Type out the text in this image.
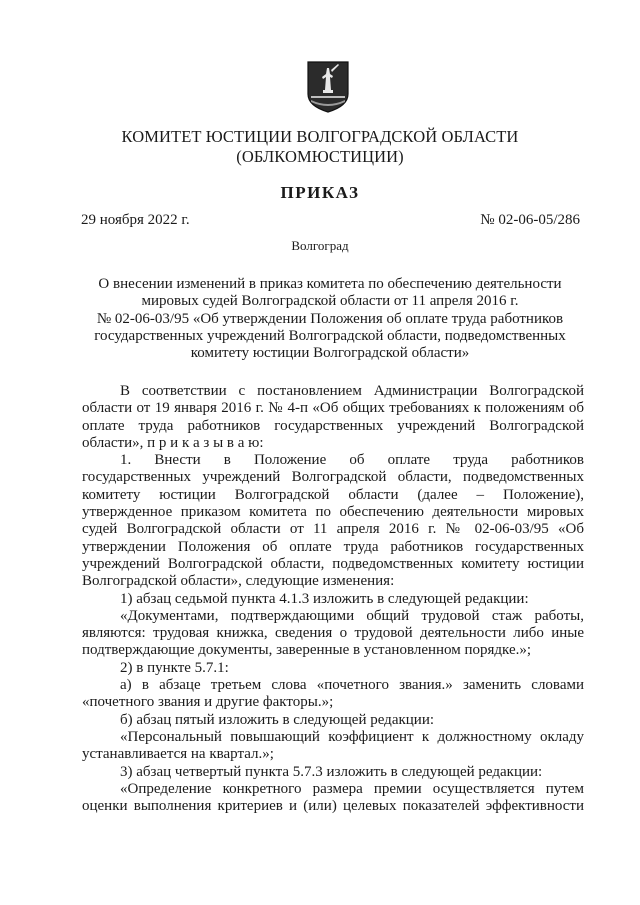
КОМИТЕТ ЮСТИЦИИ ВОЛГОГРАДСКОЙ ОБЛАСТИ
(ОБЛКОМЮСТИЦИИ)
ПРИКАЗ
29 ноября 2022 г.	№ 02-06-05/286
Волгоград
О внесении изменений в приказ комитета по обеспечению деятельности
мировых судей Волгоградской области от 11 апреля 2016 г.
№ 02-06-03/95 «Об утверждении Положения об оплате труда работников
государственных учреждений Волгоградской области, подведомственных
комитету юстиции Волгоградской области»
В соответствии с постановлением Администрации Волгоградской
области от 19 января 2016 г. № 4-п «Об общих требованиях к положениям об
оплате труда работников государственных учреждений Волгоградской
области», п р и к а з ы в а ю:
1. Внести в Положение об оплате труда работников
государственных учреждений Волгоградской области, подведомственных
комитету юстиции Волгоградской области (далее – Положение),
утвержденное приказом комитета по обеспечению деятельности мировых
судей Волгоградской области от 11 апреля 2016 г. № 02-06-03/95 «Об
утверждении Положения об оплате труда работников государственных
учреждений Волгоградской области, подведомственных комитету юстиции
Волгоградской области», следующие изменения:
1) абзац седьмой пункта 4.1.3 изложить в следующей редакции:
«Документами, подтверждающими общий трудовой стаж работы,
являются: трудовая книжка, сведения о трудовой деятельности либо иные
подтверждающие документы, заверенные в установленном порядке.»;
2) в пункте 5.7.1:
а) в абзаце третьем слова «почетного звания.» заменить словами
«почетного звания и другие факторы.»;
б) абзац пятый изложить в следующей редакции:
«Персональный повышающий коэффициент к должностному окладу
устанавливается на квартал.»;
3) абзац четвертый пункта 5.7.3 изложить в следующей редакции:
«Определение конкретного размера премии осуществляется путем
оценки выполнения критериев и (или) целевых показателей эффективности
